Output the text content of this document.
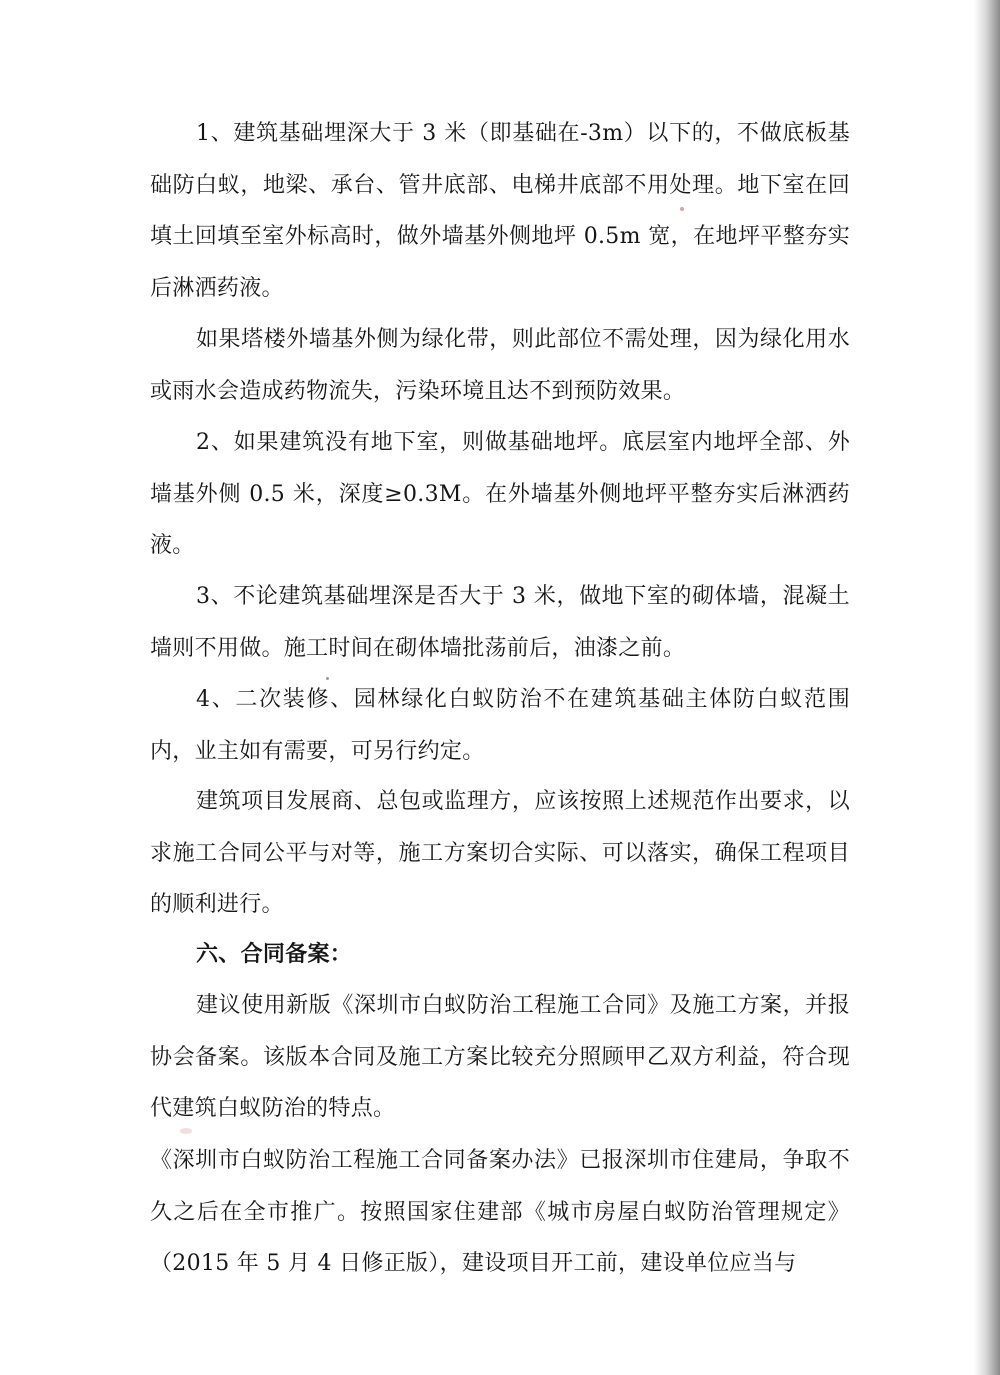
1、建筑基础埋深大于 3 米（即基础在-3m）以下的，不做底板基础防白蚁，地梁、承台、管井底部、电梯井底部不用处理。地下室在回填土回填至室外标高时，做外墙基外侧地坪 0.5m 宽，在地坪平整夯实后淋洒药液。
如果塔楼外墙基外侧为绿化带，则此部位不需处理，因为绿化用水或雨水会造成药物流失，污染环境且达不到预防效果。
2、如果建筑没有地下室，则做基础地坪。底层室内地坪全部、外墙基外侧 0.5 米，深度≥0.3M。在外墙基外侧地坪平整夯实后淋洒药液。
3、不论建筑基础埋深是否大于 3 米，做地下室的砌体墙，混凝土墙则不用做。施工时间在砌体墙批荡前后，油漆之前。
4、二次装修、园林绿化白蚁防治不在建筑基础主体防白蚁范围内，业主如有需要，可另行约定。
建筑项目发展商、总包或监理方，应该按照上述规范作出要求，以求施工合同公平与对等，施工方案切合实际、可以落实，确保工程项目的顺利进行。
六、合同备案：
建议使用新版《深圳市白蚁防治工程施工合同》及施工方案，并报协会备案。该版本合同及施工方案比较充分照顾甲乙双方利益，符合现代建筑白蚁防治的特点。
《深圳市白蚁防治工程施工合同备案办法》已报深圳市住建局，争取不久之后在全市推广。按照国家住建部《城市房屋白蚁防治管理规定》（2015 年 5 月 4 日修正版），建设项目开工前，建设单位应当与
